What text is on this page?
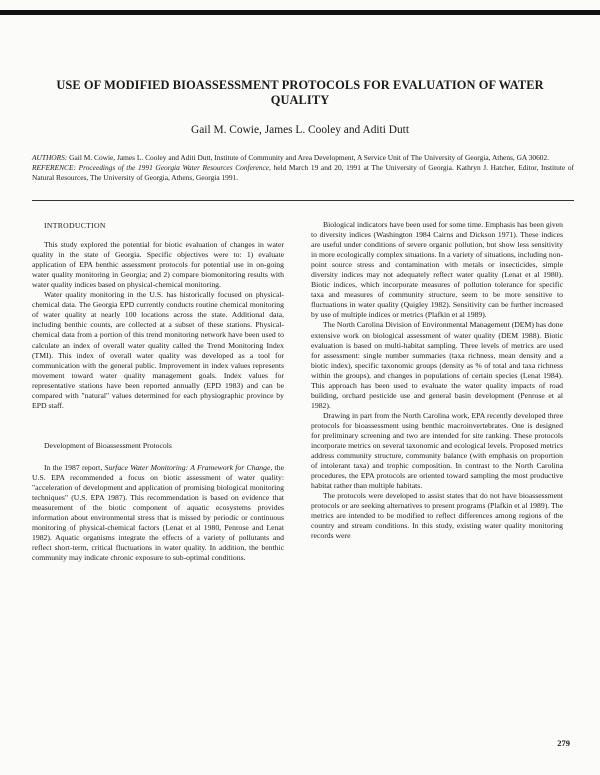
USE OF MODIFIED BIOASSESSMENT PROTOCOLS FOR EVALUATION OF WATER QUALITY
Gail M. Cowie, James L. Cooley and Aditi Dutt

AUTHORS: Gail M. Cowie, James L. Cooley and Aditi Dutt, Institute of Community and Area Development, A Service Unit of The University of Georgia, Athens, GA 30602.

REFERENCE: Proceedings of the 1991 Georgia Water Resources Conference, held March 19 and 20, 1991 at The University of Georgia. Kathryn J. Hatcher, Editor, Institute of Natural Resources, The University of Georgia, Athens, Georgia 1991.

INTRODUCTION

This study explored the potential for biotic evaluation of changes in water quality in the state of Georgia. Specific objectives were to: 1) evaluate application of EPA benthic assessment protocols for potential use in on-going water quality monitoring in Georgia; and 2) compare biomonitoring results with water quality indices based on physical-chemical monitoring.

Water quality monitoring in the U.S. has historically focused on physical-chemical data. The Georgia EPD currently conducts routine chemical monitoring of water quality at nearly 100 locations across the state. Additional data, including benthic counts, are collected at a subset of these stations. Physical-chemical data from a portion of this trend monitoring network have been used to calculate an index of overall water quality called the Trend Monitoring Index (TMI). This index of overall water quality was developed as a tool for communication with the general public. Improvement in index values represents movement toward water quality management goals. Index values for representative stations have been reported annually (EPD 1983) and can be compared with "natural" values determined for each physiographic province by EPD staff.

Development of Bioassessment Protocols

In the 1987 report, Surface Water Monitoring: A Framework for Change, the U.S. EPA recommended a focus on biotic assessment of water quality: "acceleration of development and application of promising biological monitoring techniques" (U.S. EPA 1987). This recommendation is based on evidence that measurement of the biotic component of aquatic ecosystems provides information about environmental stress that is missed by periodic or continuous monitoring of physical-chemical factors (Lenat et al 1980, Penrose and Lenat 1982). Aquatic organisms integrate the effects of a variety of pollutants and reflect short-term, critical fluctuations in water quality. In addition, the benthic community may indicate chronic exposure to sub-optimal conditions.

Biological indicators have been used for some time. Emphasis has been given to diversity indices (Washington 1984 Cairns and Dickson 1971). These indices are useful under conditions of severe organic pollution, but show less sensitivity in more ecologically complex situations. In a variety of situations, including non-point source stress and contamination with metals or insecticides, simple diversity indices may not adequately reflect water quality (Lenat et al 1980). Biotic indices, which incorporate measures of pollution tolerance for specific taxa and measures of community structure, seem to be more sensitive to fluctuations in water quality (Quigley 1982). Sensitivity can be further increased by use of multiple indices or metrics (Plafkin et al 1989).

The North Carolina Division of Environmental Management (DEM) has done extensive work on biological assessment of water quality (DEM 1988). Biotic evaluation is based on multi-habitat sampling. Three levels of metrics are used for assessment: single number summaries (taxa richness, mean density and a biotic index), specific taxonomic groups (density as % of total and taxa richness within the groups), and changes in populations of certain species (Lenat 1984). This approach has been used to evaluate the water quality impacts of road building, orchard pesticide use and general basin development (Penrose et al 1982).

Drawing in part from the North Carolina work, EPA recently developed three protocols for bioassessment using benthic macroinvertebrates. One is designed for preliminary screening and two are intended for site ranking. These protocols incorporate metrics on several taxonomic and ecological levels. Proposed metrics address community structure, community balance (with emphasis on proportion of intolerant taxa) and trophic composition. In contrast to the North Carolina procedures, the EPA protocols are oriented toward sampling the most productive habitat rather than multiple habitats.

The protocols were developed to assist states that do not have bioassessment protocols or are seeking alternatives to present programs (Plafkin et al 1989). The metrics are intended to be modified to reflect differences among regions of the country and stream conditions. In this study, existing water quality monitoring records were

279
